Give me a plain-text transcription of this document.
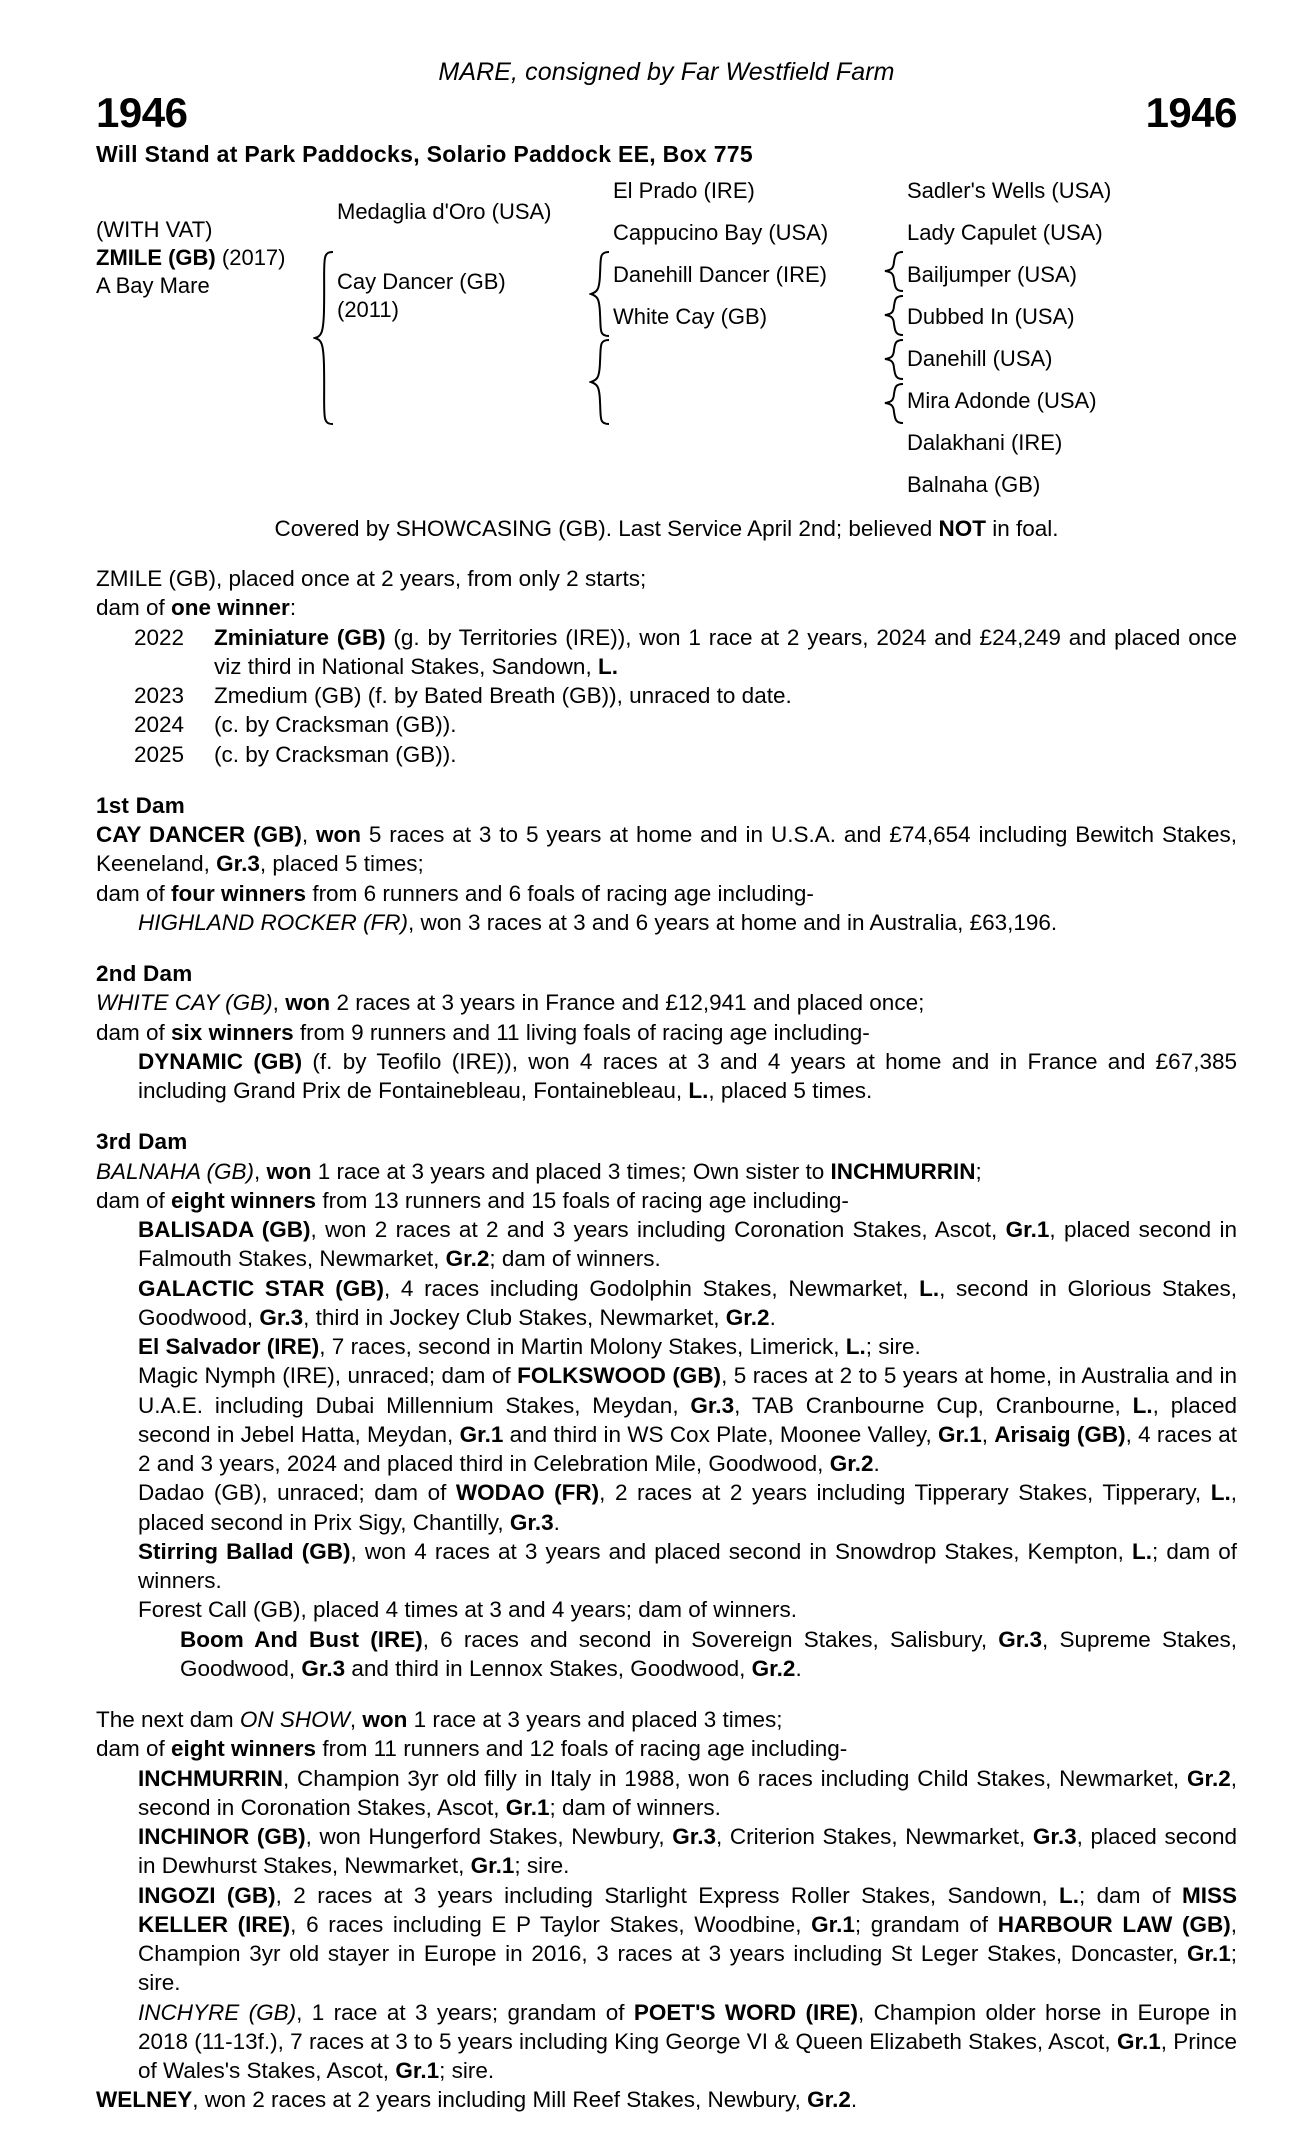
MARE, consigned by Far Westfield Farm
1946	1946
Will Stand at Park Paddocks, Solario Paddock EE, Box 775
(WITH VAT)
ZMILE (GB) (2017)
A Bay Mare
Medaglia d'Oro (USA)
Cay Dancer (GB)
(2011)
El Prado (IRE)
Cappucino Bay (USA)
Danehill Dancer (IRE)
White Cay (GB)
Sadler's Wells (USA)
Lady Capulet (USA)
Bailjumper (USA)
Dubbed In (USA)
Danehill (USA)
Mira Adonde (USA)
Dalakhani (IRE)
Balnaha (GB)
Covered by SHOWCASING (GB). Last Service April 2nd; believed NOT in foal.
ZMILE (GB), placed once at 2 years, from only 2 starts;
dam of one winner:
2022	Zminiature (GB) (g. by Territories (IRE)), won 1 race at 2 years, 2024 and £24,249 and placed once viz third in National Stakes, Sandown, L.
2023	Zmedium (GB) (f. by Bated Breath (GB)), unraced to date.
2024	(c. by Cracksman (GB)).
2025	(c. by Cracksman (GB)).
1st Dam
CAY DANCER (GB), won 5 races at 3 to 5 years at home and in U.S.A. and £74,654 including Bewitch Stakes, Keeneland, Gr.3, placed 5 times;
dam of four winners from 6 runners and 6 foals of racing age including-
HIGHLAND ROCKER (FR), won 3 races at 3 and 6 years at home and in Australia, £63,196.
2nd Dam
WHITE CAY (GB), won 2 races at 3 years in France and £12,941 and placed once;
dam of six winners from 9 runners and 11 living foals of racing age including-
DYNAMIC (GB) (f. by Teofilo (IRE)), won 4 races at 3 and 4 years at home and in France and £67,385 including Grand Prix de Fontainebleau, Fontainebleau, L., placed 5 times.
3rd Dam
BALNAHA (GB), won 1 race at 3 years and placed 3 times; Own sister to INCHMURRIN;
dam of eight winners from 13 runners and 15 foals of racing age including-
BALISADA (GB), won 2 races at 2 and 3 years including Coronation Stakes, Ascot, Gr.1, placed second in Falmouth Stakes, Newmarket, Gr.2; dam of winners.
GALACTIC STAR (GB), 4 races including Godolphin Stakes, Newmarket, L., second in Glorious Stakes, Goodwood, Gr.3, third in Jockey Club Stakes, Newmarket, Gr.2.
El Salvador (IRE), 7 races, second in Martin Molony Stakes, Limerick, L.; sire.
Magic Nymph (IRE), unraced; dam of FOLKSWOOD (GB), 5 races at 2 to 5 years at home, in Australia and in U.A.E. including Dubai Millennium Stakes, Meydan, Gr.3, TAB Cranbourne Cup, Cranbourne, L., placed second in Jebel Hatta, Meydan, Gr.1 and third in WS Cox Plate, Moonee Valley, Gr.1, Arisaig (GB), 4 races at 2 and 3 years, 2024 and placed third in Celebration Mile, Goodwood, Gr.2.
Dadao (GB), unraced; dam of WODAO (FR), 2 races at 2 years including Tipperary Stakes, Tipperary, L., placed second in Prix Sigy, Chantilly, Gr.3.
Stirring Ballad (GB), won 4 races at 3 years and placed second in Snowdrop Stakes, Kempton, L.; dam of winners.
Forest Call (GB), placed 4 times at 3 and 4 years; dam of winners.
Boom And Bust (IRE), 6 races and second in Sovereign Stakes, Salisbury, Gr.3, Supreme Stakes, Goodwood, Gr.3 and third in Lennox Stakes, Goodwood, Gr.2.
The next dam ON SHOW, won 1 race at 3 years and placed 3 times;
dam of eight winners from 11 runners and 12 foals of racing age including-
INCHMURRIN, Champion 3yr old filly in Italy in 1988, won 6 races including Child Stakes, Newmarket, Gr.2, second in Coronation Stakes, Ascot, Gr.1; dam of winners.
INCHINOR (GB), won Hungerford Stakes, Newbury, Gr.3, Criterion Stakes, Newmarket, Gr.3, placed second in Dewhurst Stakes, Newmarket, Gr.1; sire.
INGOZI (GB), 2 races at 3 years including Starlight Express Roller Stakes, Sandown, L.; dam of MISS KELLER (IRE), 6 races including E P Taylor Stakes, Woodbine, Gr.1; grandam of HARBOUR LAW (GB), Champion 3yr old stayer in Europe in 2016, 3 races at 3 years including St Leger Stakes, Doncaster, Gr.1; sire.
INCHYRE (GB), 1 race at 3 years; grandam of POET'S WORD (IRE), Champion older horse in Europe in 2018 (11-13f.), 7 races at 3 to 5 years including King George VI & Queen Elizabeth Stakes, Ascot, Gr.1, Prince of Wales's Stakes, Ascot, Gr.1; sire.
WELNEY, won 2 races at 2 years including Mill Reef Stakes, Newbury, Gr.2.
